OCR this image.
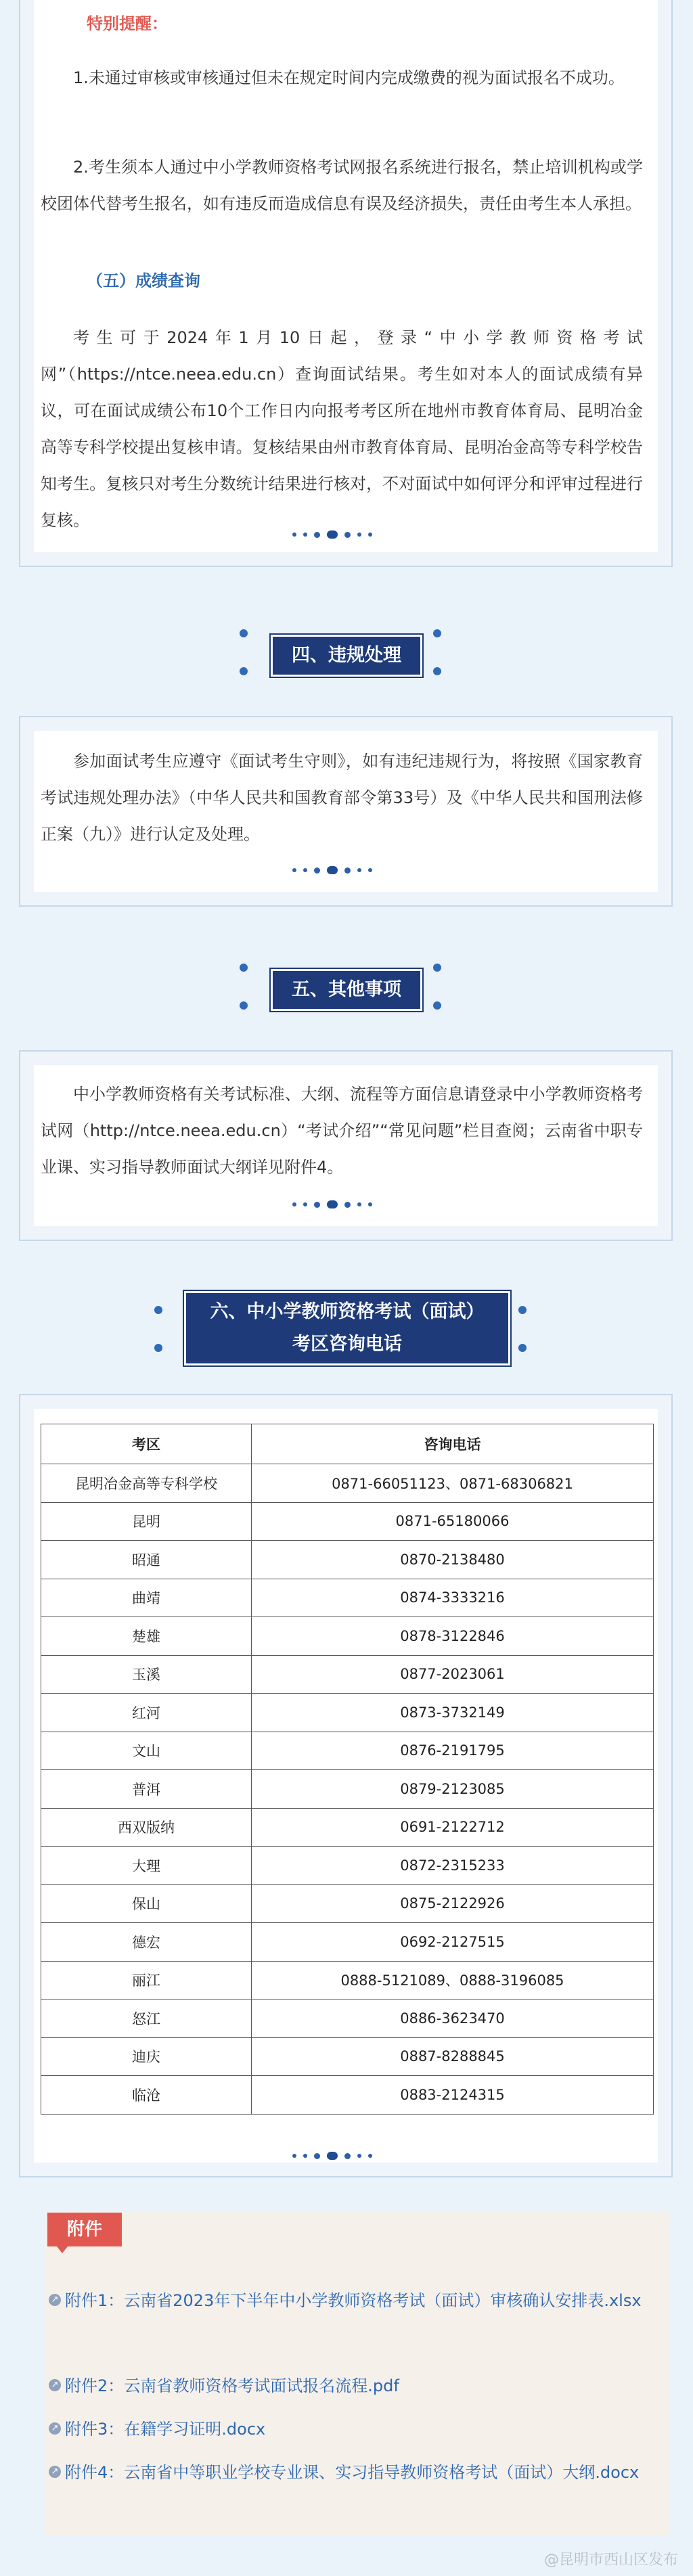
特别提醒：

1.未通过审核或审核通过但未在规定时间内完成缴费的视为面试报名不成功。

2.考生须本人通过中小学教师资格考试网报名系统进行报名，禁止培训机构或学校团体代替考生报名，如有违反而造成信息有误及经济损失，责任由考生本人承担。

（五）成绩查询

考生可于2024年1月10日起，登录“中小学教师资格考试网”（https://ntce.neea.edu.cn）查询面试结果。考生如对本人的面试成绩有异议，可在面试成绩公布10个工作日内向报考考区所在地州市教育体育局、昆明冶金高等专科学校提出复核申请。复核结果由州市教育体育局、昆明冶金高等专科学校告知考生。复核只对考生分数统计结果进行核对，不对面试中如何评分和评审过程进行复核。

四、违规处理

参加面试考生应遵守《面试考生守则》，如有违纪违规行为，将按照《国家教育考试违规处理办法》（中华人民共和国教育部令第33号）及《中华人民共和国刑法修正案（九）》进行认定及处理。

五、其他事项

中小学教师资格有关考试标准、大纲、流程等方面信息请登录中小学教师资格考试网（http://ntce.neea.edu.cn）“考试介绍”“常见问题”栏目查阅；云南省中职专业课、实习指导教师面试大纲详见附件4。

六、中小学教师资格考试（面试）
考区咨询电话
考区	咨询电话
昆明冶金高等专科学校	0871-66051123、0871-68306821
昆明	0871-65180066
昭通	0870-2138480
曲靖	0874-3333216
楚雄	0878-3122846
玉溪	0877-2023061
红河	0873-3732149
文山	0876-2191795
普洱	0879-2123085
西双版纳	0691-2122712
大理	0872-2315233
保山	0875-2122926
德宏	0692-2127515
丽江	0888-5121089、0888-3196085
怒江	0886-3623470
迪庆	0887-8288845
临沧	0883-2124315
附件

↗ 附件1：云南省2023年下半年中小学教师资格考试（面试）审核确认安排表.xlsx

↗ 附件2：云南省教师资格考试面试报名流程.pdf

↗ 附件3：在籍学习证明.docx

↗ 附件4：云南省中等职业学校专业课、实习指导教师资格考试（面试）大纲.docx

@昆明市西山区发布
